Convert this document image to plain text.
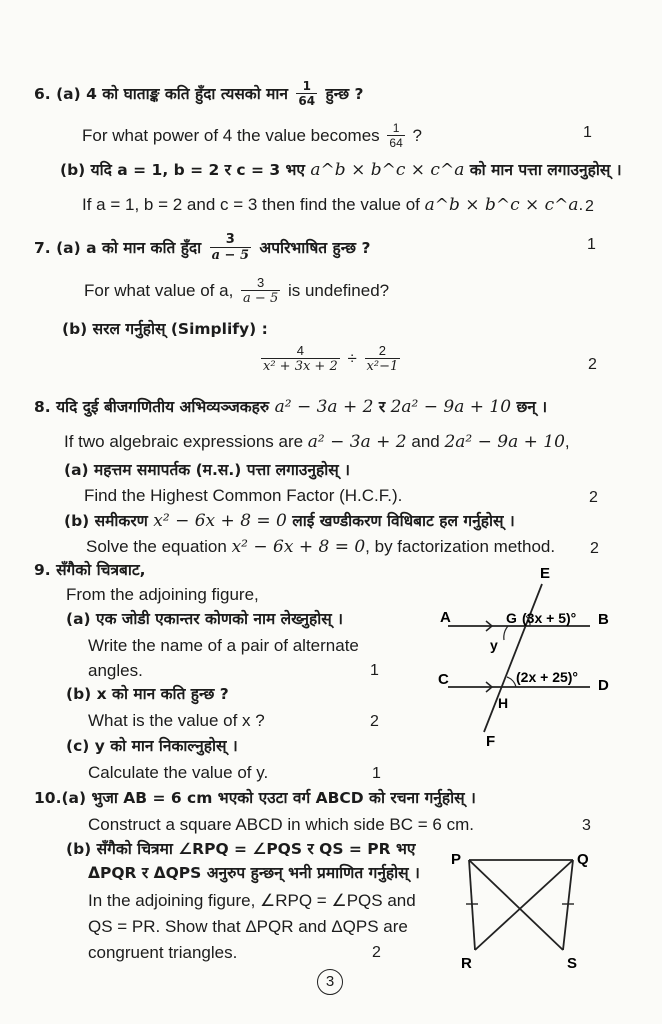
6. (a) 4 को घाताङ्क कति हुँदा त्यसको मान $\frac{1}{64}$ हुन्छ ?
For what power of 4 the value becomes $\frac{1}{64}$ ?	1
(b) यदि a = 1, b = 2 र c = 3 भए a^b × b^c × c^a को मान पत्ता लगाउनुहोस् ।
If a = 1, b = 2 and c = 3 then find the value of a^b × b^c × c^a. 2
7. (a) a को मान कति हुँदा $\frac{3}{a - 5}$ अपरिभाषित हुन्छ ?	1
For what value of a, $\frac{3}{a - 5}$ is undefined?
(b) सरल गर्नुहोस् (Simplify) :
$\frac{4}{\text{x² + 3x + 2}} \div \frac{2}{\text{x²−1}}$	2
8. यदि दुई बीजगणितीय अभिव्यञ्जकहरु a² − 3a + 2 र 2a² − 9a + 10 छन् ।
If two algebraic expressions are a² − 3a + 2 and 2a² − 9a + 10,
(a) महत्तम समापर्तक (म.स.) पत्ता लगाउनुहोस् ।
Find the Highest Common Factor (H.C.F.).	2
(b) समीकरण x² − 6x + 8 = 0 लाई खण्डीकरण विधिबाट हल गर्नुहोस् ।
Solve the equation x² − 6x + 8 = 0, by factorization method. 2
9. सँगैको चित्रबाट,
From the adjoining figure,
(a) एक जोडी एकान्तर कोणको नाम लेख्नुहोस् ।
Write the name of a pair of alternate
angles.	1
(b) x को मान कति हुन्छ ?
What is the value of x ?	2
(c) y को मान निकाल्नुहोस् ।
Calculate the value of y.	1
E
A	G (3x + 5)° B
y
C	(2x + 25)° D
H
F
10.(a) भुजा AB = 6 cm भएको एउटा वर्ग ABCD को रचना गर्नुहोस् ।
Construct a square ABCD in which side BC = 6 cm.	3
(b) सँगैको चित्रमा ∠RPQ = ∠PQS र QS = PR भए
ΔPQR र ΔQPS अनुरुप हुन्छन् भनी प्रमाणित गर्नुहोस् ।
In the adjoining figure, ∠RPQ = ∠PQS and
QS = PR. Show that ΔPQR and ΔQPS are
congruent triangles.	2
P	Q
R	S
3
